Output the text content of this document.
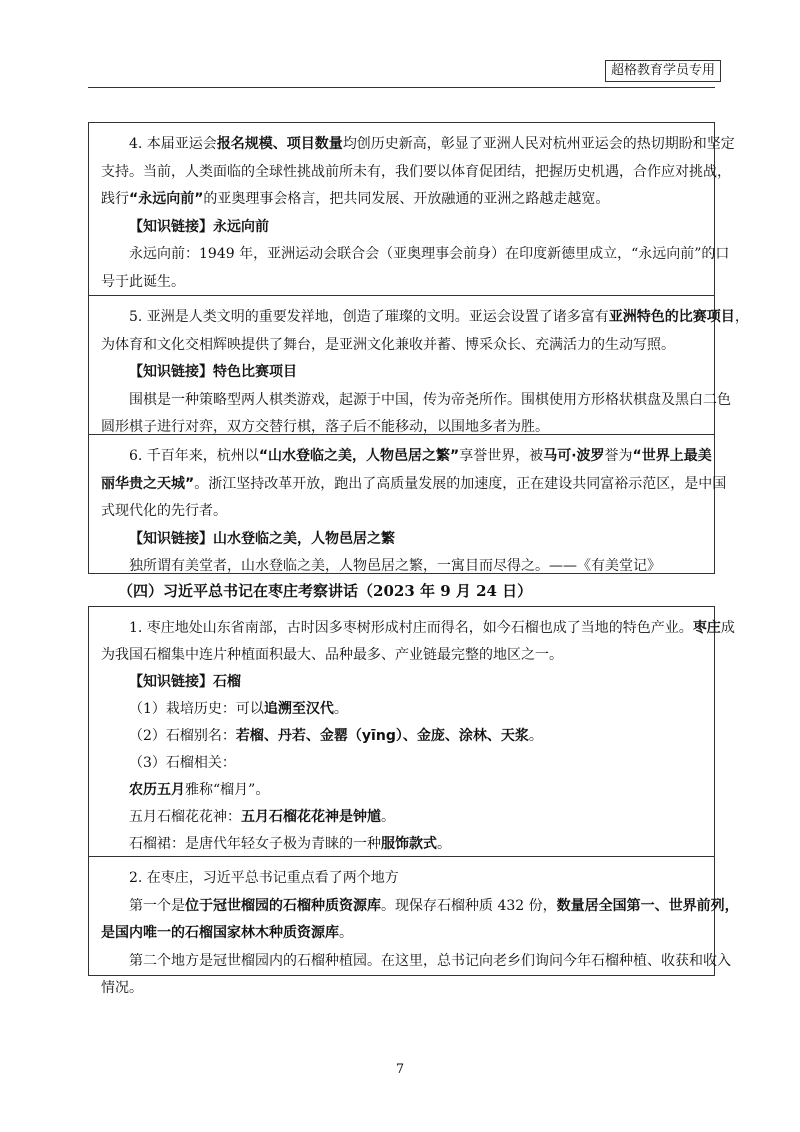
超格教育学员专用

4. 本届亚运会报名规模、项目数量均创历史新高，彰显了亚洲人民对杭州亚运会的热切期盼和坚定

支持。当前，人类面临的全球性挑战前所未有，我们要以体育促团结，把握历史机遇，合作应对挑战，

践行“永远向前”的亚奥理事会格言，把共同发展、开放融通的亚洲之路越走越宽。

【知识链接】永远向前

永远向前：1949 年，亚洲运动会联合会（亚奥理事会前身）在印度新德里成立，“永远向前”的口

号于此诞生。

5. 亚洲是人类文明的重要发祥地，创造了璀璨的文明。亚运会设置了诸多富有亚洲特色的比赛项目，

为体育和文化交相辉映提供了舞台，是亚洲文化兼收并蓄、博采众长、充满活力的生动写照。

【知识链接】特色比赛项目

围棋是一种策略型两人棋类游戏，起源于中国，传为帝尧所作。围棋使用方形格状棋盘及黑白二色

圆形棋子进行对弈，双方交替行棋，落子后不能移动，以围地多者为胜。

6. 千百年来，杭州以“山水登临之美，人物邑居之繁”享誉世界，被马可·波罗誉为“世界上最美

丽华贵之天城”。浙江坚持改革开放，跑出了高质量发展的加速度，正在建设共同富裕示范区，是中国

式现代化的先行者。

【知识链接】山水登临之美，人物邑居之繁

独所谓有美堂者，山水登临之美，人物邑居之繁，一寓目而尽得之。——《有美堂记》

（四）习近平总书记在枣庄考察讲话（2023 年 9 月 24 日）

1. 枣庄地处山东省南部，古时因多枣树形成村庄而得名，如今石榴也成了当地的特色产业。枣庄成

为我国石榴集中连片种植面积最大、品种最多、产业链最完整的地区之一。

【知识链接】石榴

（1）栽培历史：可以追溯至汉代。

（2）石榴别名：若榴、丹若、金罂（yīng）、金庞、涂林、天浆。

（3）石榴相关：

农历五月雅称“榴月”。

五月石榴花花神：五月石榴花花神是钟馗。

石榴裙：是唐代年轻女子极为青睐的一种服饰款式。

2. 在枣庄，习近平总书记重点看了两个地方

第一个是位于冠世榴园的石榴种质资源库。现保存石榴种质 432 份，数量居全国第一、世界前列，

是国内唯一的石榴国家林木种质资源库。

第二个地方是冠世榴园内的石榴种植园。在这里，总书记向老乡们询问今年石榴种植、收获和收入

情况。

7
